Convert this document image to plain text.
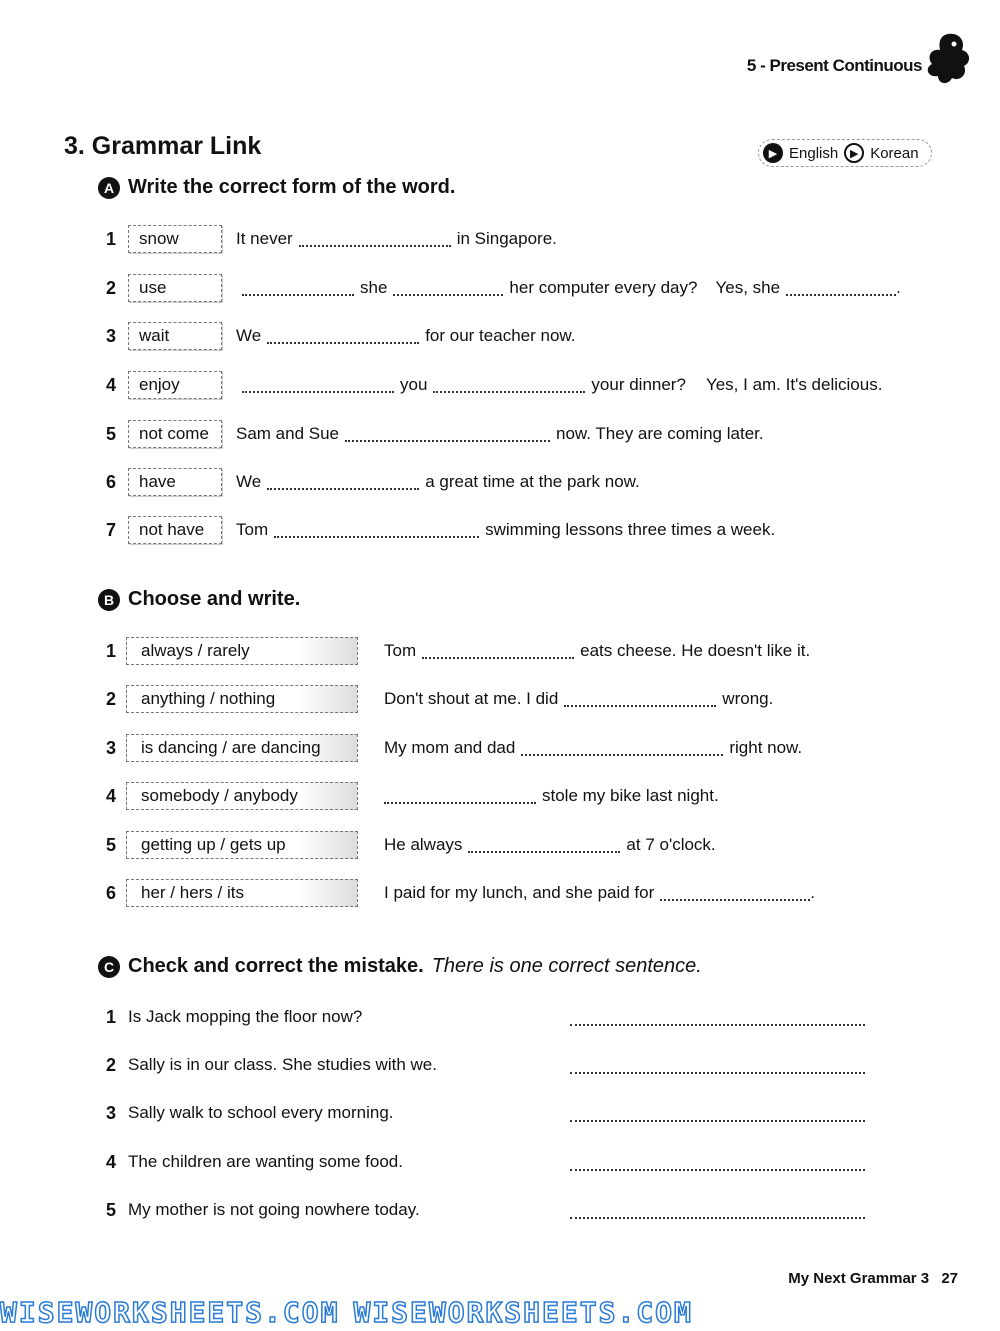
5 - Present Continuous
3. Grammar Link	▶ English	▶ Korean
A Write the correct form of the word.
1	snow	It never	in Singapore.
2	use	she	her computer every day? Yes, she	.
3	wait	We	for our teacher now.
4	enjoy	you	your dinner? Yes, I am. It's delicious.
5	not come	Sam and Sue	now. They are coming later.
6	have	We	a great time at the park now.
7	not have	Tom	swimming lessons three times a week.
B Choose and write.
1	always / rarely	Tom	eats cheese. He doesn't like it.
2	anything / nothing	Don't shout at me. I did	wrong.
3	is dancing / are dancing	My mom and dad	right now.
4	somebody / anybody	stole my bike last night.
5	getting up / gets up	He always	at 7 o'clock.
6	her / hers / its	I paid for my lunch, and she paid for	.
C Check and correct the mistake. There is one correct sentence.
1 Is Jack mopping the floor now?
2 Sally is in our class. She studies with we.
3 Sally walk to school every morning.
4 The children are wanting some food.
5 My mother is not going nowhere today.
My Next Grammar 3 27
WISEWORKSHEETS.COM WISEWORKSHEETS.COM
